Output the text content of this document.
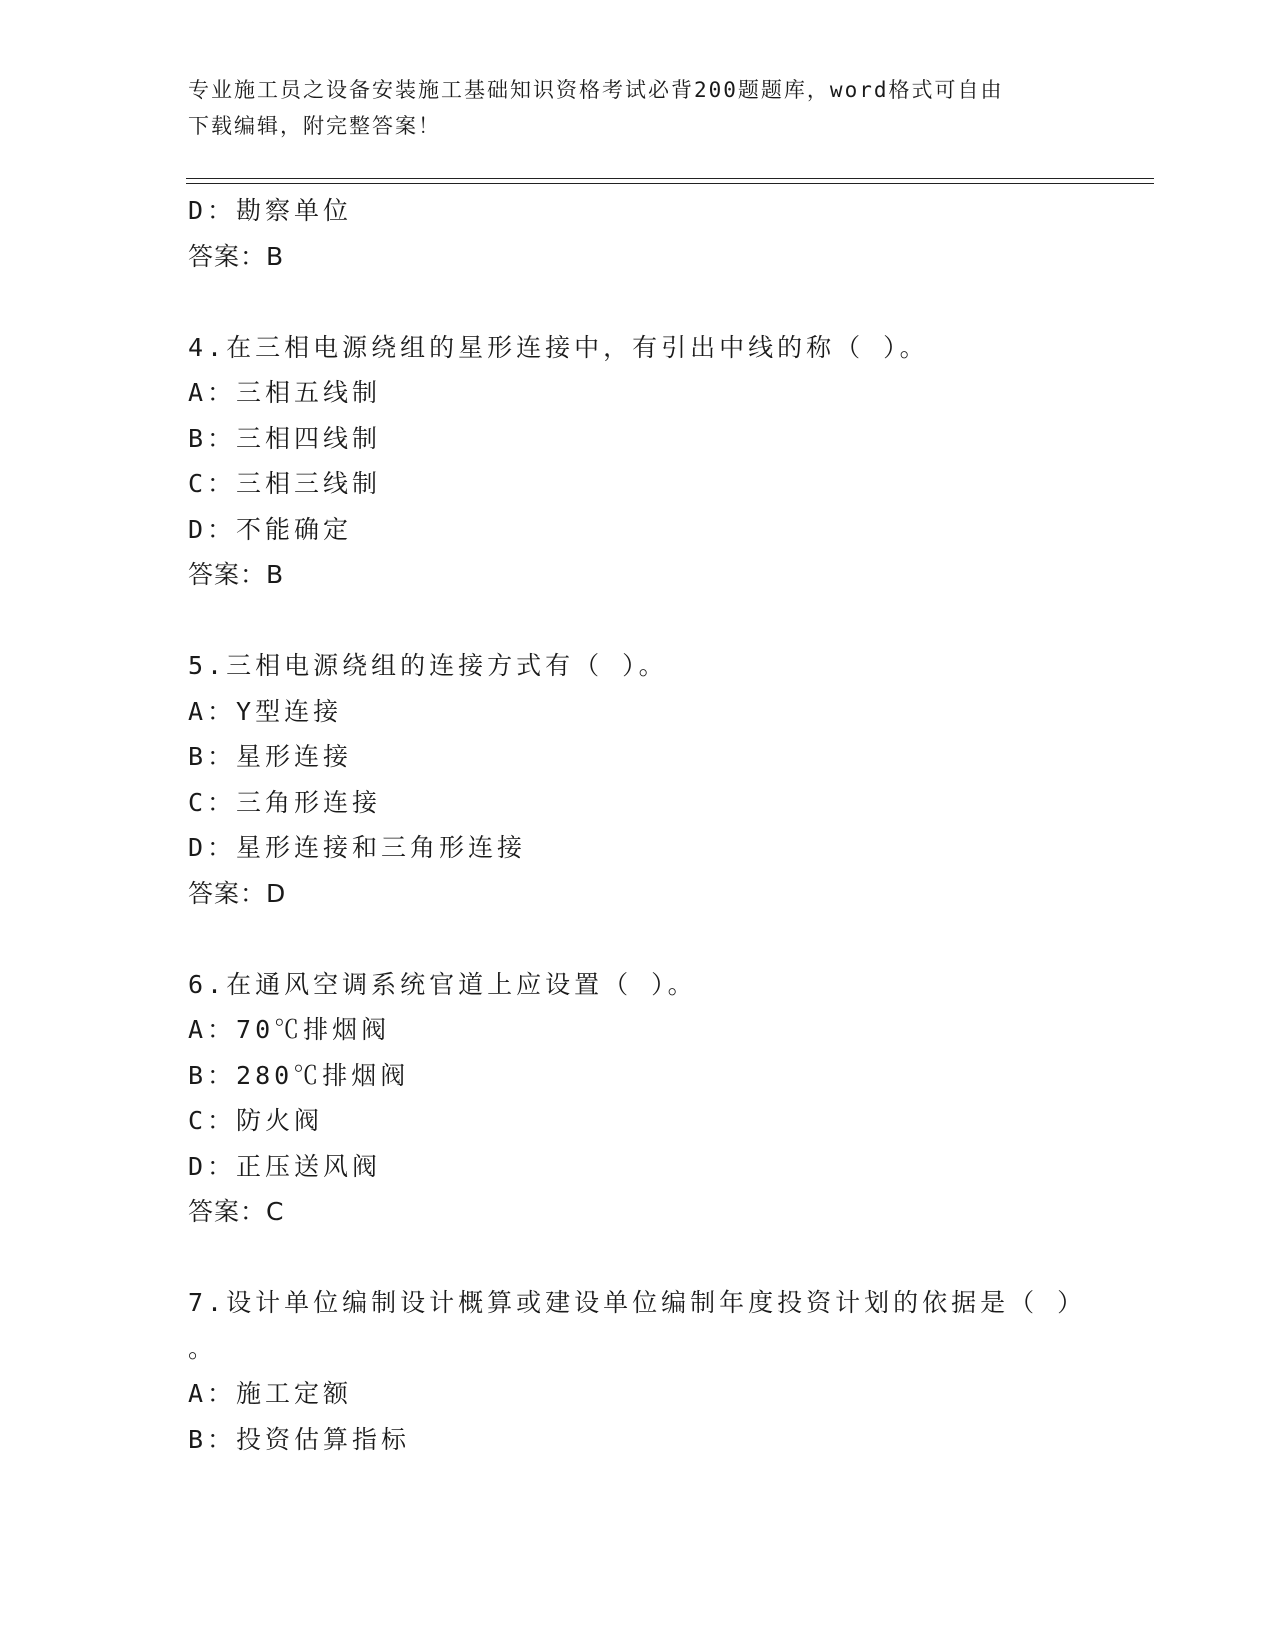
专业施工员之设备安装施工基础知识资格考试必背200题题库，word格式可自由
下载编辑，附完整答案！
D：勘察单位
答案：B
4.在三相电源绕组的星形连接中，有引出中线的称（ ）。
A：三相五线制
B：三相四线制
C：三相三线制
D：不能确定
答案：B
5.三相电源绕组的连接方式有（ ）。
A：Y型连接
B：星形连接
C：三角形连接
D：星形连接和三角形连接
答案：D
6.在通风空调系统官道上应设置（ ）。
A：70℃排烟阀
B：280℃排烟阀
C：防火阀
D：正压送风阀
答案：C
7.设计单位编制设计概算或建设单位编制年度投资计划的依据是（ ）
。
A：施工定额
B：投资估算指标
